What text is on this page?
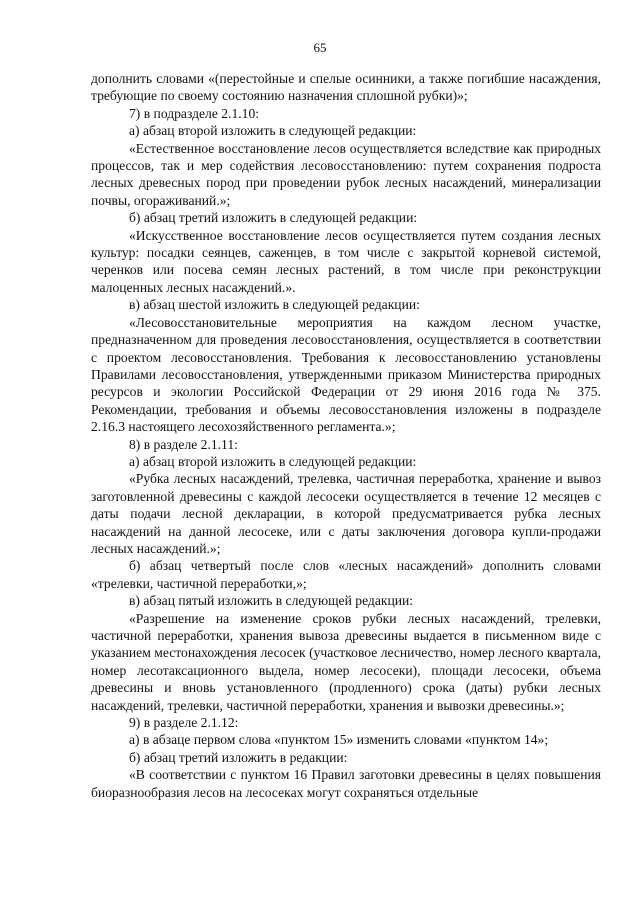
65

дополнить словами «(перестойные и спелые осинники, а также погибшие насаждения, требующие по своему состоянию назначения сплошной рубки)»;

7) в подразделе 2.1.10:

а) абзац второй изложить в следующей редакции:

«Естественное восстановление лесов осуществляется вследствие как природных процессов, так и мер содействия лесовосстановлению: путем сохранения подроста лесных древесных пород при проведении рубок лесных насаждений, минерализации почвы, огораживаний.»;

б) абзац третий изложить в следующей редакции:

«Искусственное восстановление лесов осуществляется путем создания лесных культур: посадки сеянцев, саженцев, в том числе с закрытой корневой системой, черенков или посева семян лесных растений, в том числе при реконструкции малоценных лесных насаждений.».

в) абзац шестой изложить в следующей редакции:

«Лесовосстановительные мероприятия на каждом лесном участке, предназначенном для проведения лесовосстановления, осуществляется в соответствии с проектом лесовосстановления. Требования к лесовосстановлению установлены Правилами лесовосстановления, утвержденными приказом Министерства природных ресурсов и экологии Российской Федерации от 29 июня 2016 года № 375. Рекомендации, требования и объемы лесовосстановления изложены в подразделе 2.16.3 настоящего лесохозяйственного регламента.»;

8) в разделе 2.1.11:

а) абзац второй изложить в следующей редакции:

«Рубка лесных насаждений, трелевка, частичная переработка, хранение и вывоз заготовленной древесины с каждой лесосеки осуществляется в течение 12 месяцев с даты подачи лесной декларации, в которой предусматривается рубка лесных насаждений на данной лесосеке, или с даты заключения договора купли-продажи лесных насаждений.»;

б) абзац четвертый после слов «лесных насаждений» дополнить словами «трелевки, частичной переработки,»;

в) абзац пятый изложить в следующей редакции:

«Разрешение на изменение сроков рубки лесных насаждений, трелевки, частичной переработки, хранения вывоза древесины выдается в письменном виде с указанием местонахождения лесосек (участковое лесничество, номер лесного квартала, номер лесотаксационного выдела, номер лесосеки), площади лесосеки, объема древесины и вновь установленного (продленного) срока (даты) рубки лесных насаждений, трелевки, частичной переработки, хранения и вывозки древесины.»;

9) в разделе 2.1.12:

а) в абзаце первом слова «пунктом 15» изменить словами «пунктом 14»;

б) абзац третий изложить в редакции:

«В соответствии с пунктом 16 Правил заготовки древесины в целях повышения биоразнообразия лесов на лесосеках могут сохраняться отдельные
